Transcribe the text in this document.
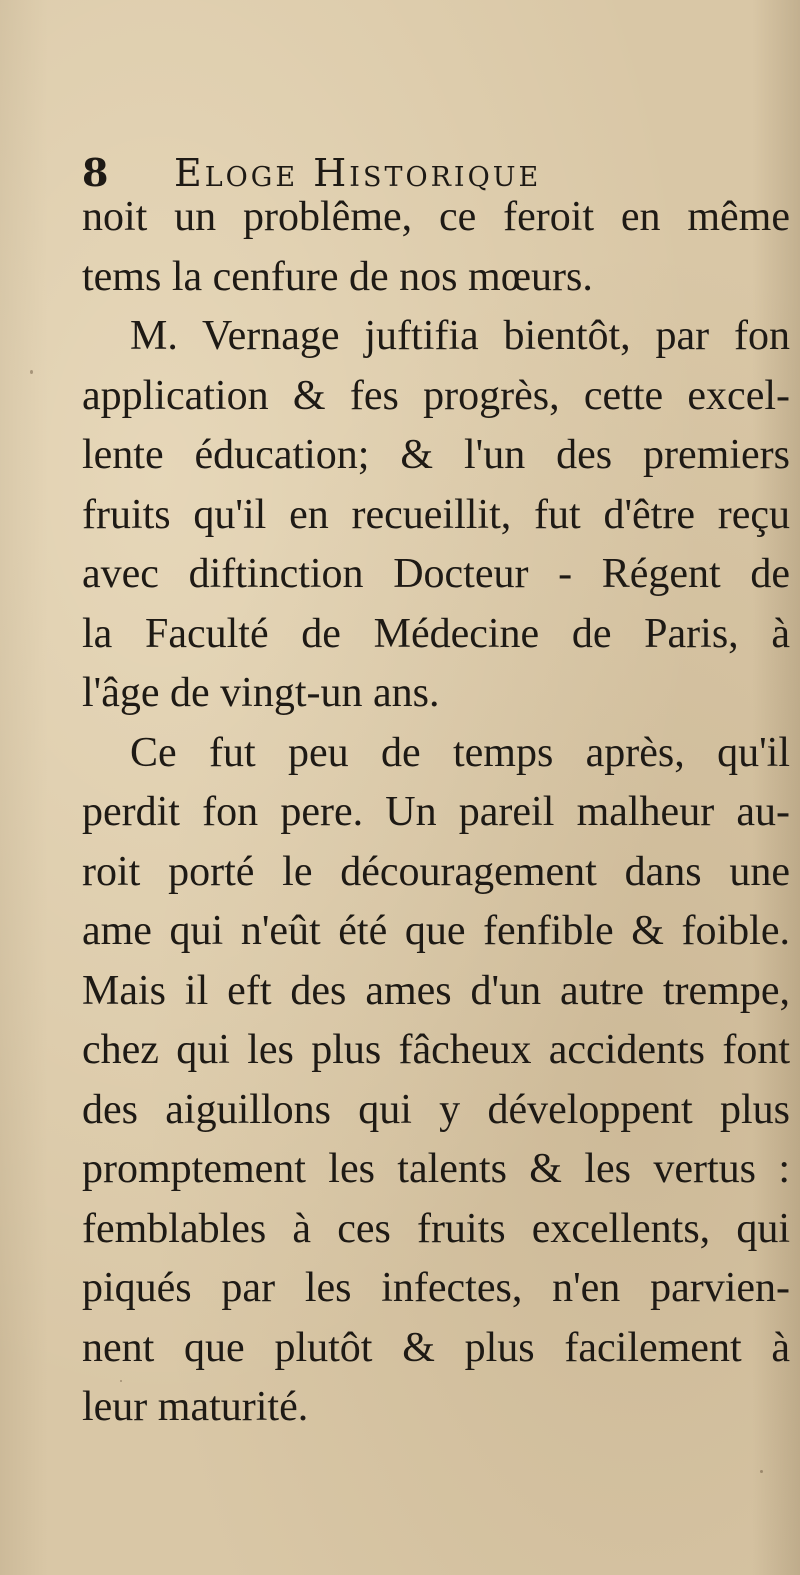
8	Eloge Historique
noit un problême, ce feroit en même
tems la cenfure de nos mœurs.
M. Vernage juftifia bientôt, par fon
application & fes progrès, cette excel-
lente éducation; & l'un des premiers
fruits qu'il en recueillit, fut d'être reçu
avec diftinction Docteur - Régent de
la Faculté de Médecine de Paris, à
l'âge de vingt-un ans.
Ce fut peu de temps après, qu'il
perdit fon pere. Un pareil malheur au-
roit porté le découragement dans une
ame qui n'eût été que fenfible & foible.
Mais il eft des ames d'un autre trempe,
chez qui les plus fâcheux accidents font
des aiguillons qui y développent plus
promptement les talents & les vertus :
femblables à ces fruits excellents, qui
piqués par les infectes, n'en parvien-
nent que plutôt & plus facilement à
leur maturité.
